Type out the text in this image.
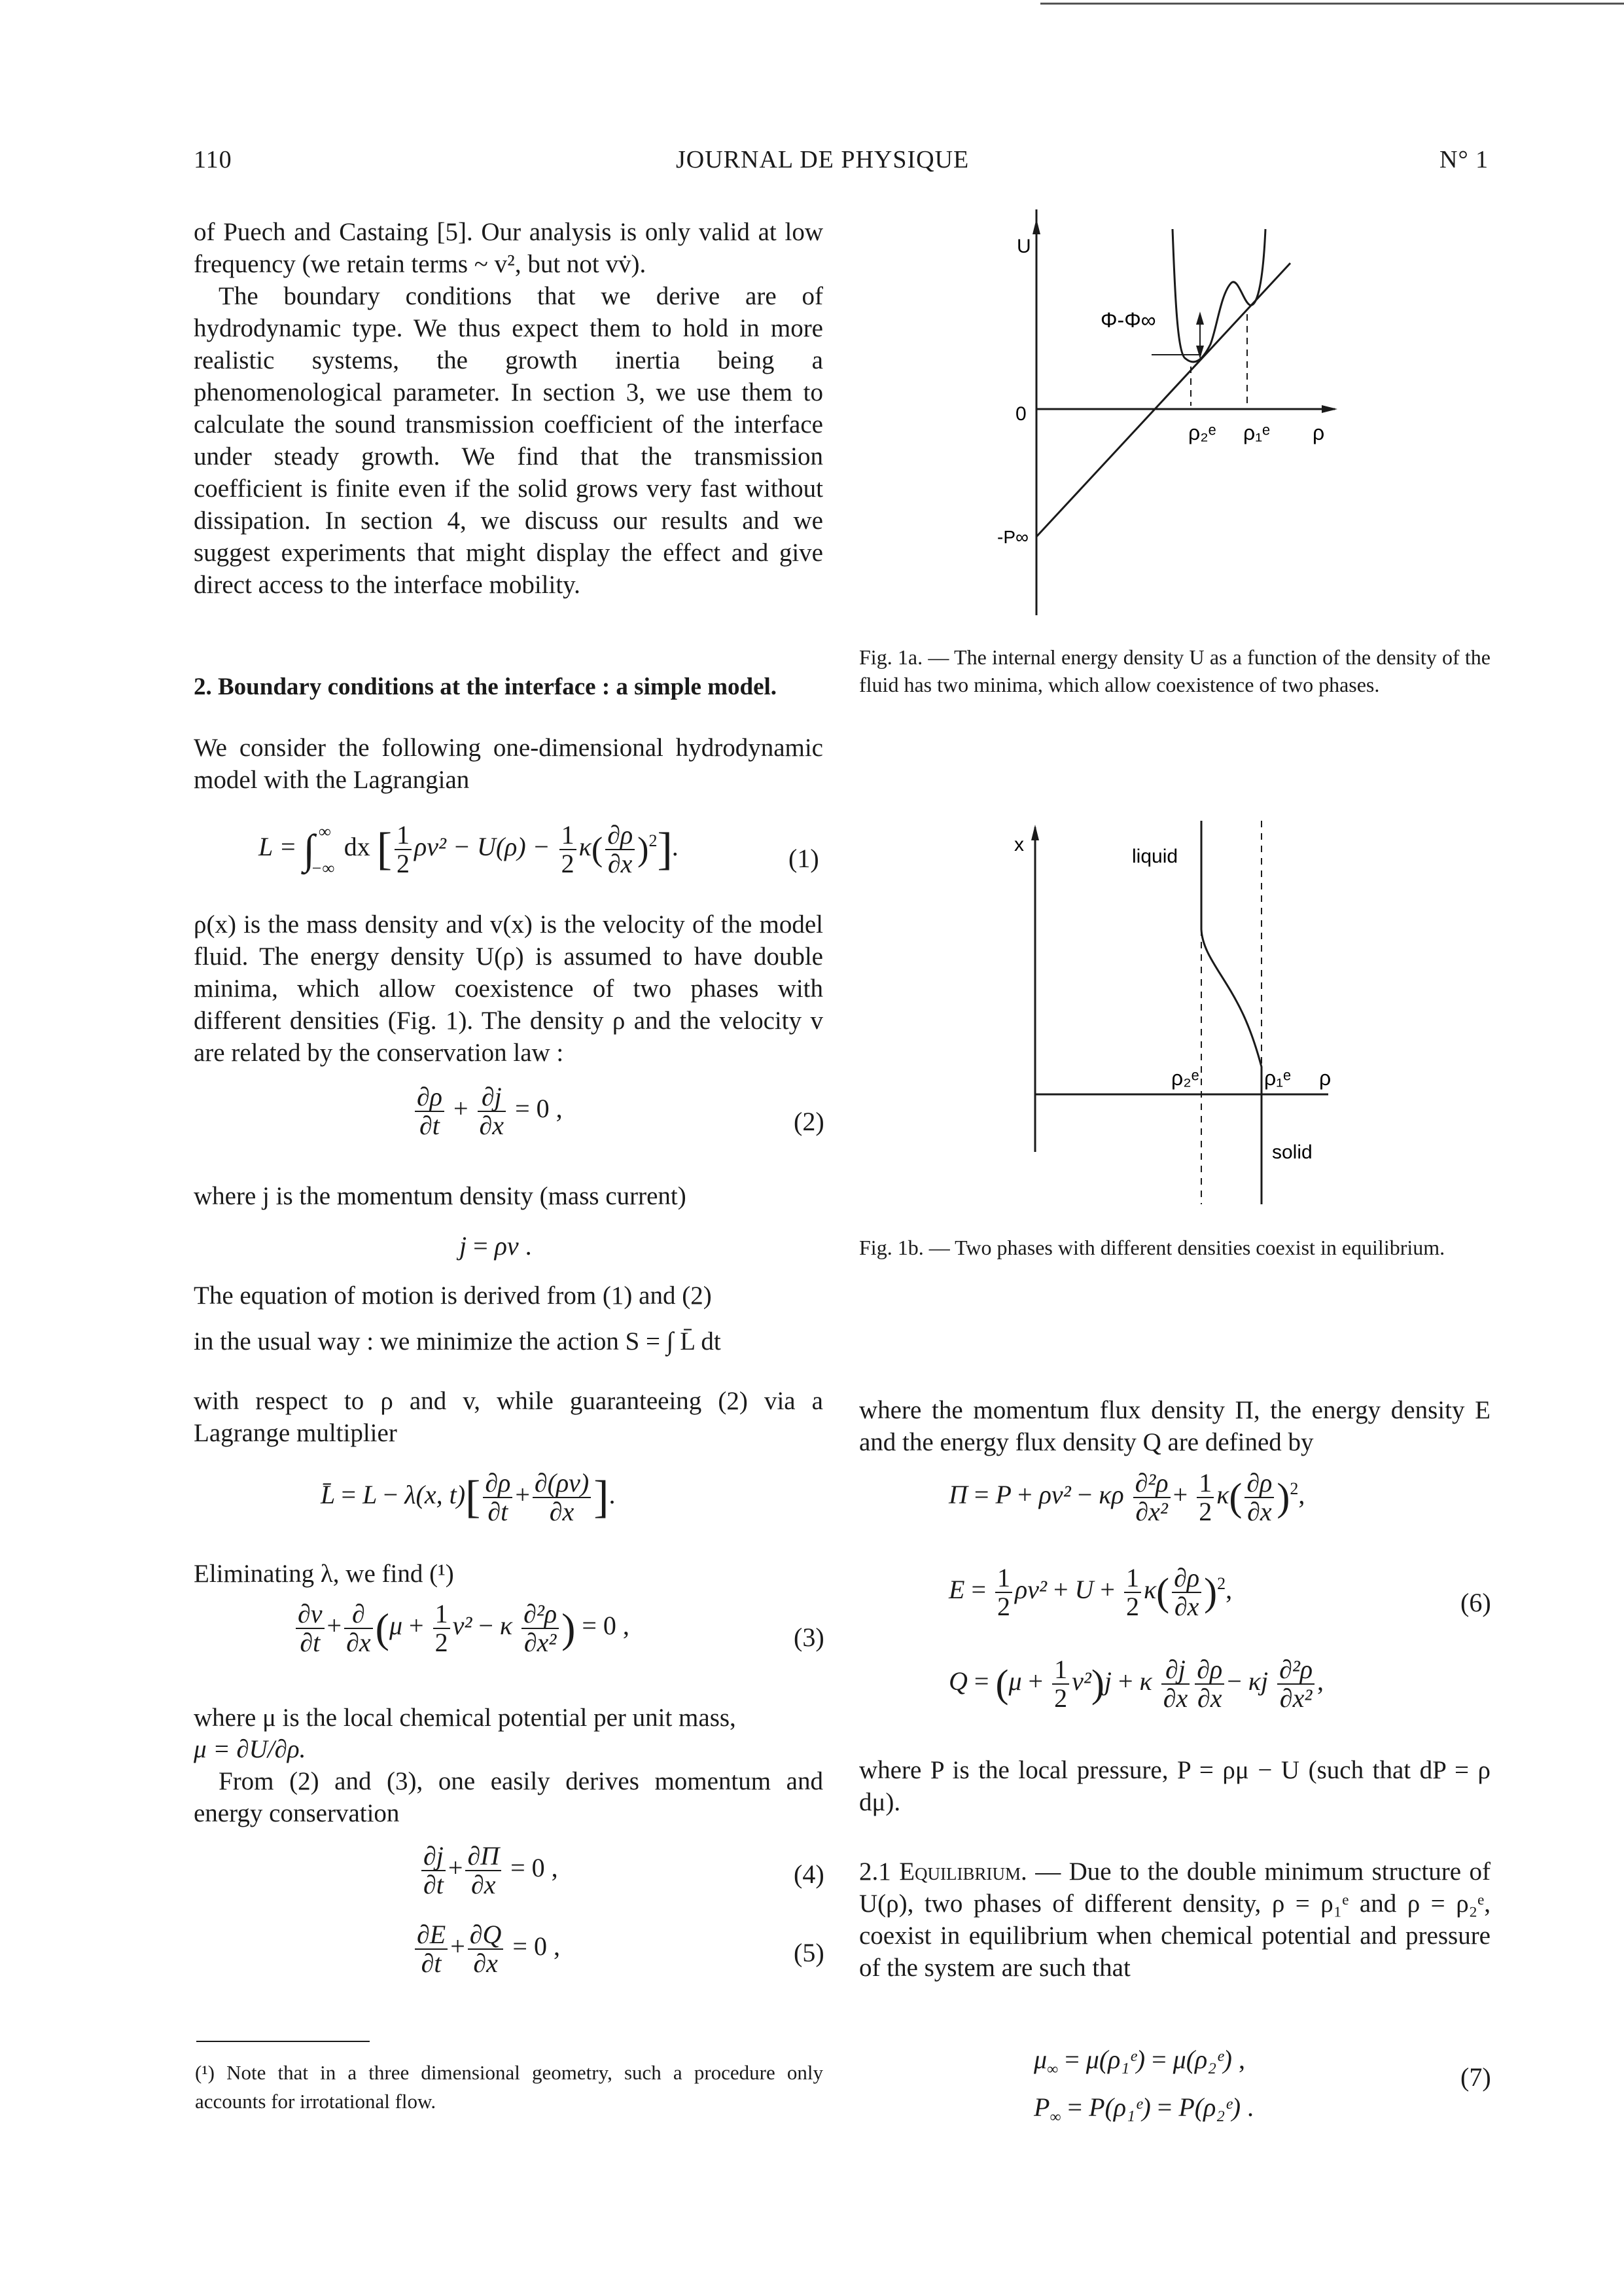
110	JOURNAL DE PHYSIQUE	N° 1

of Puech and Castaing [5]. Our analysis is only valid at low frequency (we retain terms ~ v², but not vv̇).

The boundary conditions that we derive are of hydrodynamic type. We thus expect them to hold in more realistic systems, the growth inertia being a phenomenological parameter. In section 3, we use them to calculate the sound transmission coefficient of the interface under steady growth. We find that the transmission coefficient is finite even if the solid grows very fast without dissipation. In section 4, we discuss our results and we suggest experiments that might display the effect and give direct access to the interface mobility.

2. Boundary conditions at the interface : a simple model.
We consider the following one-dimensional hydrodynamic model with the Lagrangian
$L = \int_{-\infty}^\infty$  dx [ $\frac{1}{2} \rho v^2 - U(\rho) - \frac{1}{2} \kappa( \frac{\partial\rho}{\partial x} )^2$].	(1)
ρ(x) is the mass density and v(x) is the velocity of the model fluid. The energy density U(ρ) is assumed to have double minima, which allow coexistence of two phases with different densities (Fig. 1). The density ρ and the velocity v are related by the conservation law :
$\frac{\partial\rho}{\partial t} + \frac{\partial j}{\partial x} = 0$ ,	(2)
where j is the momentum density (mass current)
j = ρv .
The equation of motion is derived from (1) and (2)
in the usual way : we minimize the action S = ∫ L̄ dt
with respect to ρ and v, while guaranteeing (2) via a Lagrange multiplier
L̄ = L − λ(x, $t)[ \frac{\partial\rho}{\partial t} + \frac{\partial(\rho v)}{\partial x}$ ].
Eliminating λ, we find (¹)
$\frac{\partial v}{\partial t} + \frac{\partial}{\partial x} (\mu + \frac{1}{2} v^2 - \kappa \frac{\text{∂²ρ}}{\text{∂x²}}$ ) = 0 ,	(3)
where μ is the local chemical potential per unit mass,
μ = ∂U/∂ρ.
From (2) and (3), one easily derives momentum and energy conservation
$\frac{\partial j}{\partial t} + \frac{\partial\Pi}{\partial x} = 0$ ,	(4)
$\frac{\partial E}{\partial t} + \frac{\partial Q}{\partial x} = 0$ ,	(5)
(¹) Note that in a three dimensional geometry, such a procedure only accounts for irrotational flow.
U
0
-P∞
Φ-Φ∞
ρ₂ᵉ ρ₁ᵉ ρ
Fig. 1a. — The internal energy density U as a function of the density of the fluid has two minima, which allow coexistence of two phases.
x
liquid
ρ₂ᵉ	ρ₁ᵉ ρ
solid
Fig. 1b. — Two phases with different densities coexist in equilibrium.
where the momentum flux density Π, the energy density E and the energy flux density Q are defined by
Π = P + ρv² − κρ $\frac{\text{∂²ρ}}{\text{∂x²}} + \frac{1}{2} \kappa( \frac{\partial\rho}{\partial x} )^2$,
$E = \frac{1}{2} \rho v^2 + U + \frac{1}{2} \kappa( \frac{\partial\rho}{\partial x} )^2$,	(6)
$Q = (\mu + \frac{1}{2} v^2)j + \kappa \frac{\partial j}{\partial x} \frac{\partial\rho}{\partial x} - \kappa j \frac{\text{∂²ρ}}{\text{∂x²}}$ ,
where P is the local pressure, P = ρμ − U (such that dP = ρ dμ).
2.1 Equilibrium. — Due to the double minimum structure of U(ρ), two phases of different density, ρ = ρ₁ᵉ and ρ = ρ₂ᵉ, coexist in equilibrium when chemical potential and pressure of the system are such that
$\mu_\infty$ = μ(ρ₁ᵉ) = μ(ρ₂ᵉ) ,
$P_\infty$ = P(ρ₁ᵉ) = P(ρ₂ᵉ) .
(7)
